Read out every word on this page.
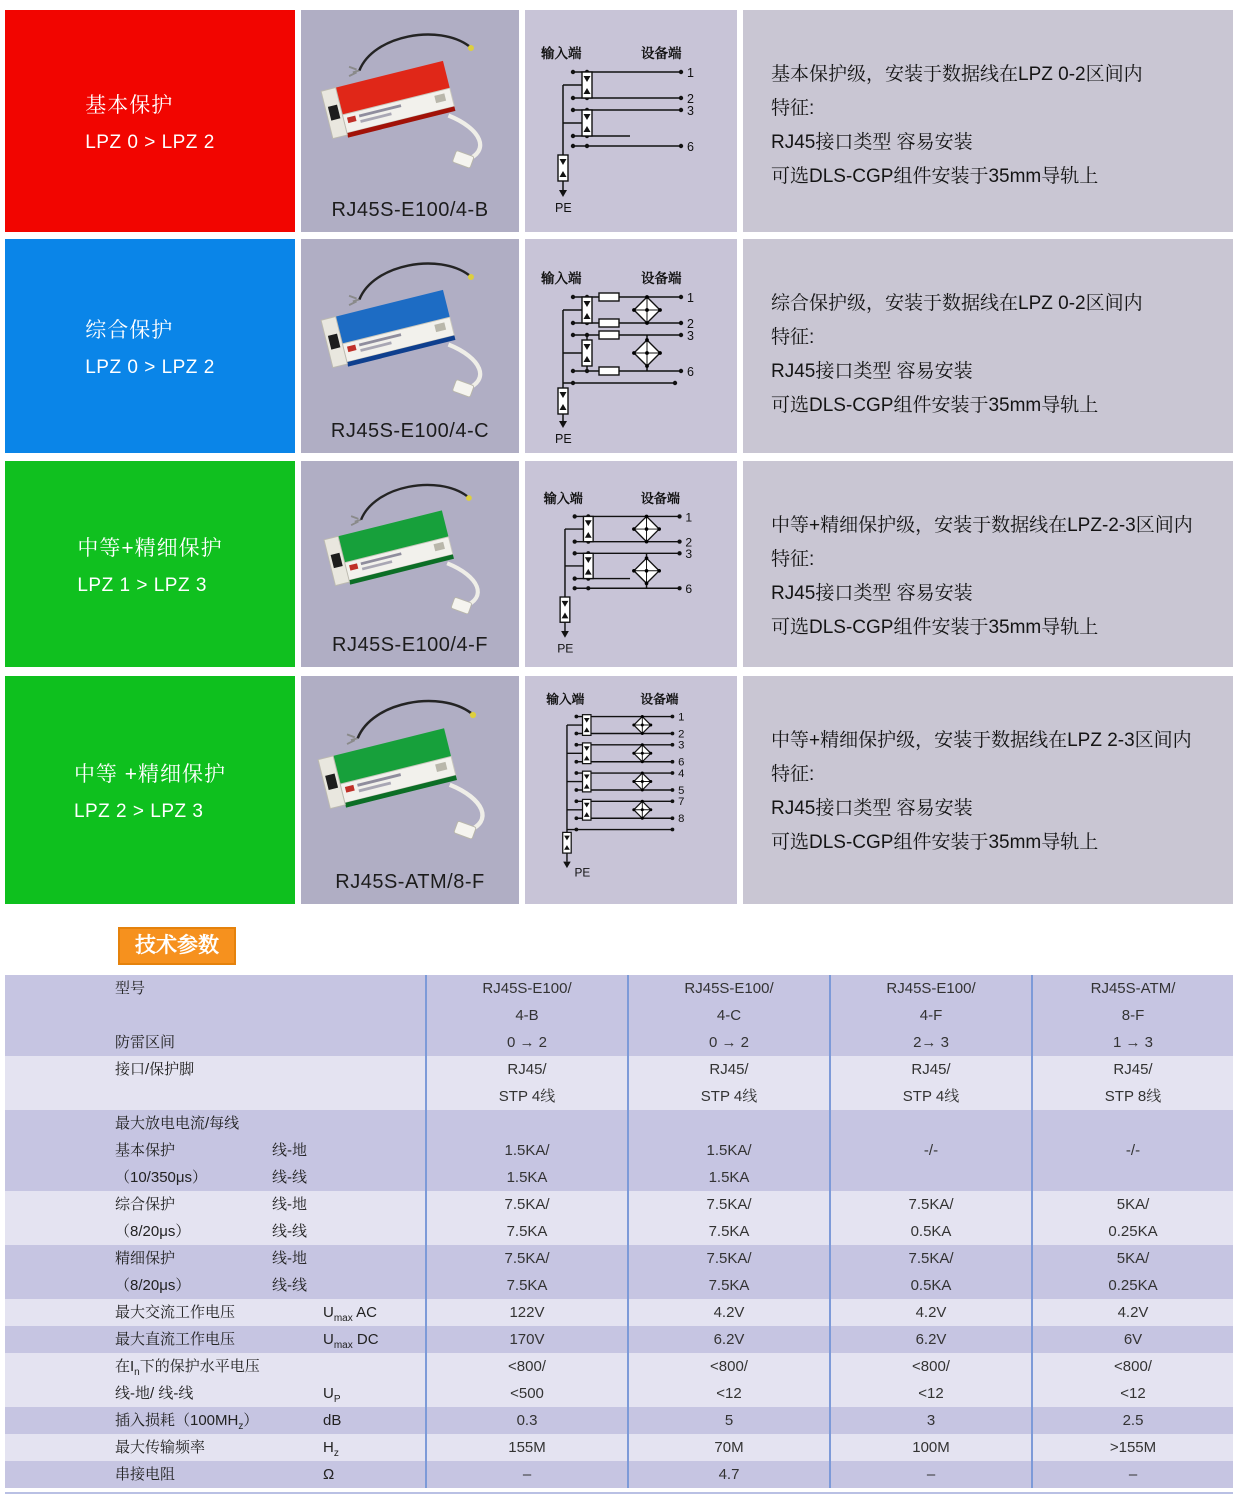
基本保护
LPZ 0 > LPZ 2
RJ45S-E100/4-B
输入端	设备端
PE
1
2
3
6

基本保护级，安装于数据线在LPZ 0-2区间内

特征:

RJ45接口类型 容易安装

可选DLS-CGP组件安装于35mm导轨上

综合保护
LPZ 0 > LPZ 2
RJ45S-E100/4-C
输入端	设备端
PE
1
2
3
6

综合保护级，安装于数据线在LPZ 0-2区间内

特征:

RJ45接口类型 容易安装

可选DLS-CGP组件安装于35mm导轨上

中等+精细保护
LPZ 1 > LPZ 3
RJ45S-E100/4-F
输入端	设备端
PE
1
2
3
6

中等+精细保护级，安装于数据线在LPZ-2-3区间内

特征:

RJ45接口类型 容易安装

可选DLS-CGP组件安装于35mm导轨上

中等 +精细保护
LPZ 2 > LPZ 3
RJ45S-ATM/8-F
输入端	设备端
PE
1
2
3
6
4
5
7
8

中等+精细保护级，安装于数据线在LPZ 2-3区间内

特征:

RJ45接口类型 容易安装

可选DLS-CGP组件安装于35mm导轨上

技术参数
型号	RJ45S-E100/	RJ45S-E100/	RJ45S-E100/	RJ45S-ATM/
4-B	4-C	4-F	8-F
防雷区间	0 → 2	0 → 2	2→ 3	1 → 3
接口/保护脚	RJ45/	RJ45/	RJ45/	RJ45/
STP 4线	STP 4线	STP 4线	STP 8线
最大放电电流/每线
基本保护	线-地	1.5KA/	1.5KA/	-/-	-/-
（10/350μs）	线-线	1.5KA	1.5KA
综合保护	线-地	7.5KA/	7.5KA/	7.5KA/	5KA/
（8/20μs）	线-线	7.5KA	7.5KA	0.5KA	0.25KA
精细保护	线-地	7.5KA/	7.5KA/	7.5KA/	5KA/
（8/20μs）	线-线	7.5KA	7.5KA	0.5KA	0.25KA
最大交流工作电压	$U_{max}$ AC	122V	4.2V	4.2V	4.2V
最大直流工作电压	$U_{max}$ DC	170V	6.2V	6.2V	6V
在$I_n$下的保护水平电压	<800/	<800/	<800/	<800/
线-地/ 线-线	$U_P$	<500	<12	<12	<12
插入损耗$(100MH_z)$	dB	0.3	5	3	2.5
最大传输频率	$H_z$	155M	70M	100M	>155M
串接电阻	Ω	–	4.7	–	–
